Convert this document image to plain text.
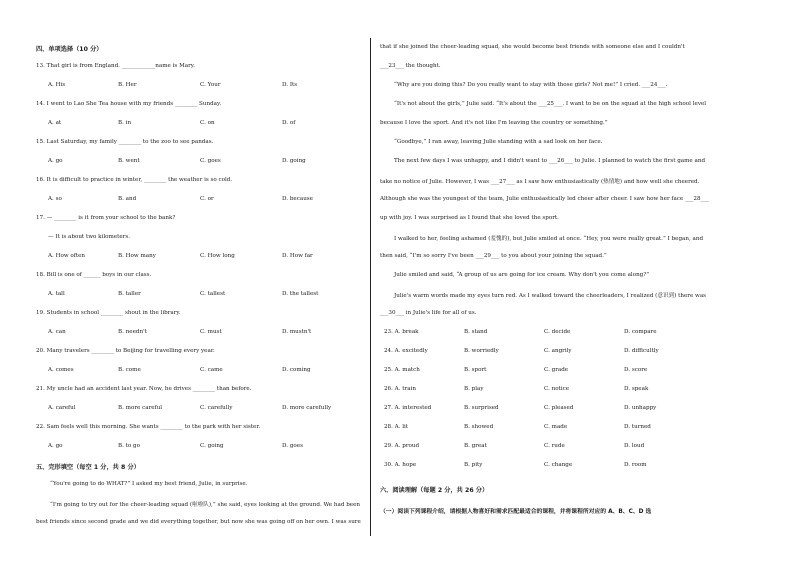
四、单项选择（10 分）
13. That girl is from England. ____________name is Mary.
A. His	B. Her	C. Your	D. Its
14. I went to Lao She Tea house with my friends ________ Sunday.
A. at	B. in	C. on	D. of
15. Last Saturday, my family ________ to the zoo to see pandas.
A. go	B. went	C. goes	D. going
16. It is difficult to practice in winter, ________ the weather is so cold.
A. so	B. and	C. or	D. because
17. — ________ is it from your school to the bank?
— It is about two kilometers.
A. How often	B. How many	C. How long	D. How far
18. Bill is one of ______ boys in our class.
A. tall	B. taller	C. tallest	D. the tallest
19. Students in school ________ shout in the library.
A. can	B. needn't	C. must	D. mustn't
20. Many travelers ________ to Beijing for travelling every year.
A. comes	B. come	C. came	D. coming
21. My uncle had an accident last year. Now, he drives ________ than before.
A. careful	B. more careful	C. carefully	D. more carefully
22. Sam feels well this morning. She wants ________ to the park with her sister.
A. go	B. to go	C. going	D. goes
五、完形填空（每空 1 分，共 8 分）
“You're going to do WHAT?” I asked my best friend, Julie, in surprise.
“I'm going to try out for the cheer-leading squad (啦啦队),” she said, eyes looking at the ground. We had been
best friends since second grade and we did everything together, but now she was going off on her own. I was sure
that if she joined the cheer-leading squad, she would become best friends with someone else and I couldn't
___23___ the thought.
“Why are you doing this? Do you really want to stay with those girls? Not me!” I cried. ___24___.
“It's not about the girls,” Julie said. “It's about the ___25___. I want to be on the squad at the high school level
because I love the sport. And it's not like I'm leaving the country or something.”
“Goodbye,” I ran away, leaving Julie standing with a sad look on her face.
The next few days I was unhappy, and I didn't want to ___26___ to Julie. I planned to watch the first game and
take no notice of Julie. However, I was ___27___ as I saw how enthusiastically (热情地) and how well she cheered.
Although she was the youngest of the team, Julie enthusiastically led cheer after cheer. I saw how her face ___28___
up with joy. I was surprised as I found that she loved the sport.
I walked to her, feeling ashamed (羞愧的), but Julie smiled at once. “Hey, you were really great.” I began, and
then said, “I'm so sorry I've been ___29___ to you about your joining the squad.”
Julie smiled and said, “A group of us are going for ice cream. Why don't you come along?”
Julie's warm words made my eyes turn red. As I walked toward the cheerleaders, I realized (意识到) there was
___30___ in Julie's life for all of us.
23. A. break	B. stand	C. decide	D. compare
24. A. excitedly	B. worriedly	C. angrily	D. difficultly
25. A. match	B. sport	C. grade	D. score
26. A. train	B. play	C. notice	D. speak
27. A. interested	B. surprised	C. pleased	D. unhappy
28. A. lit	B. showed	C. made	D. turned
29. A. proud	B. great	C. rude	D. loud
30. A. hope	B. pity	C. change	D. room
六、阅读理解（每题 2 分，共 26 分）
（一）阅读下列课程介绍，请根据人物喜好和需求匹配最适合的课程，并将课程所对应的 A、B、C、D 选
